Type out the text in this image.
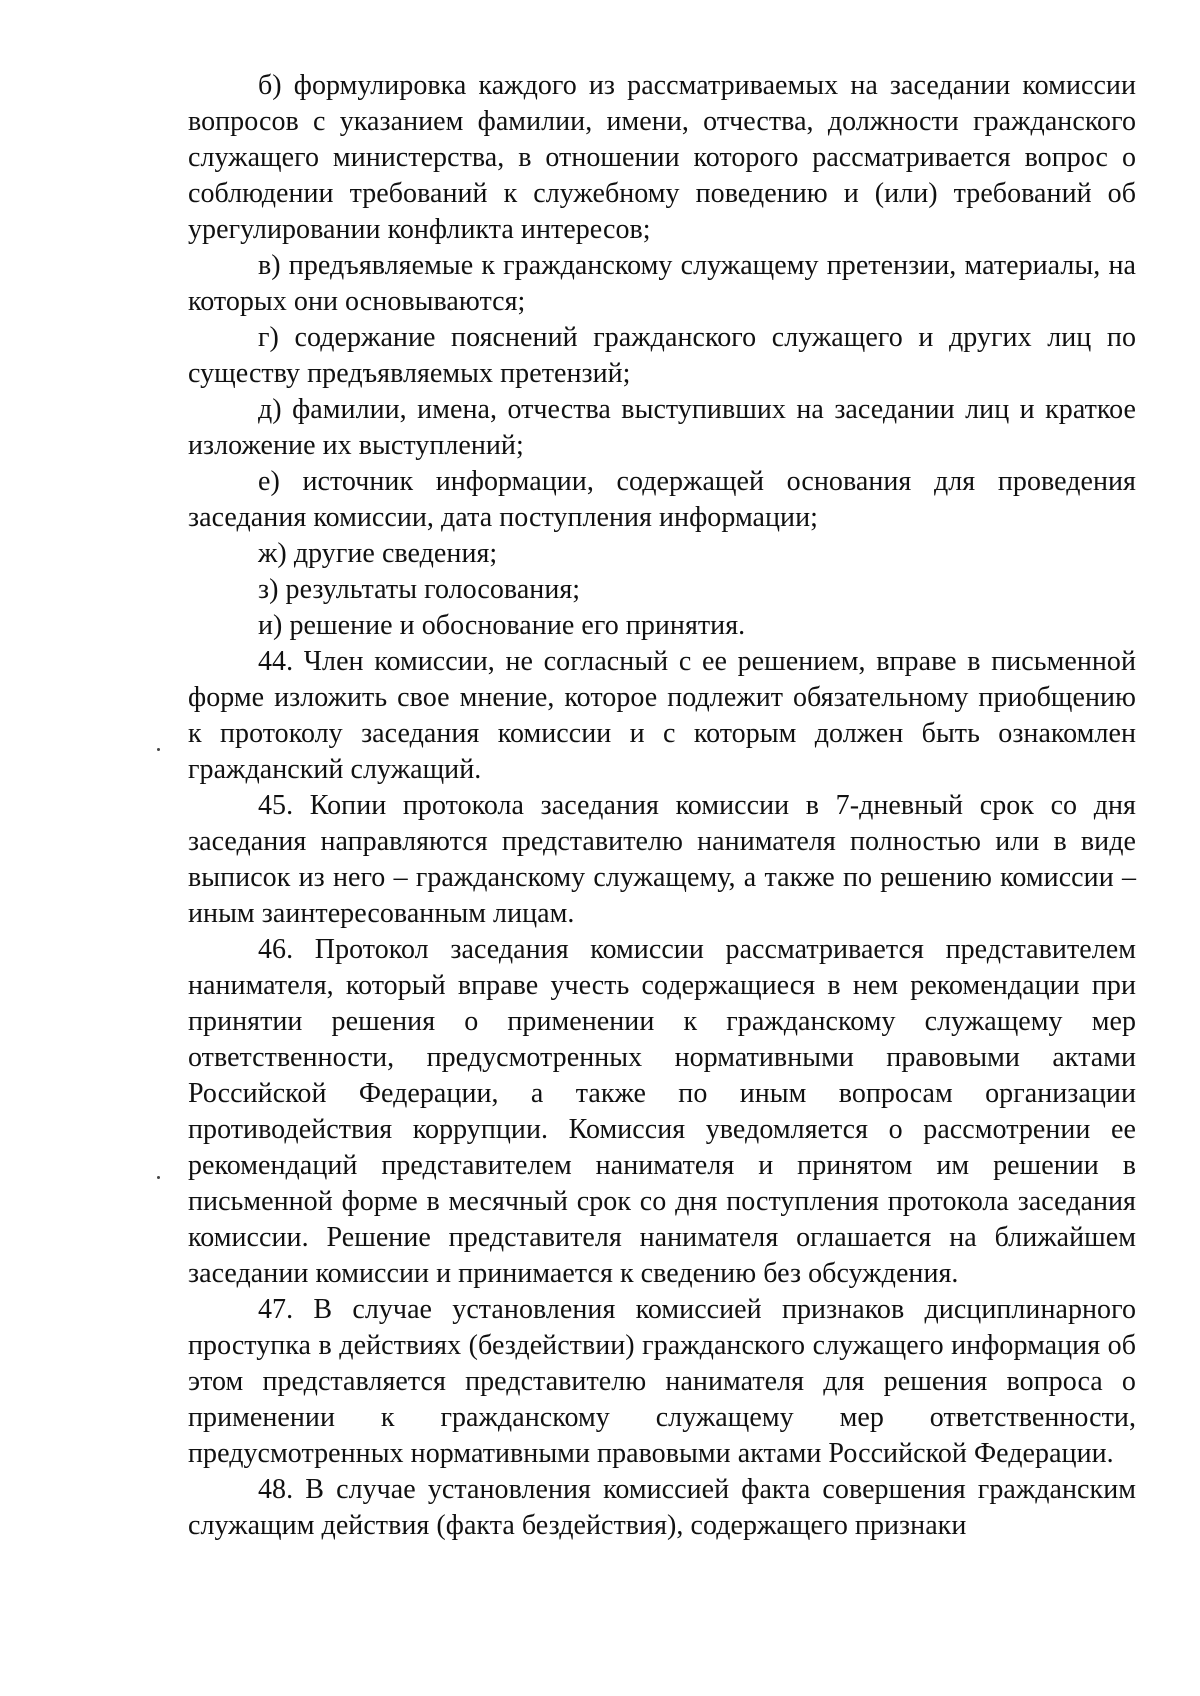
б) формулировка каждого из рассматриваемых на заседании комиссии вопросов с указанием фамилии, имени, отчества, должности гражданского служащего министерства, в отношении которого рассматривается вопрос о соблюдении требований к служебному поведению и (или) требований об урегулировании конфликта интересов;

в) предъявляемые к гражданскому служащему претензии, материалы, на которых они основываются;

г) содержание пояснений гражданского служащего и других лиц по существу предъявляемых претензий;

д) фамилии, имена, отчества выступивших на заседании лиц и краткое изложение их выступлений;

е) источник информации, содержащей основания для проведения заседания комиссии, дата поступления информации;

ж) другие сведения;

з) результаты голосования;

и) решение и обоснование его принятия.

44. Член комиссии, не согласный с ее решением, вправе в письменной форме изложить свое мнение, которое подлежит обязательному приобщению к протоколу заседания комиссии и с которым должен быть ознакомлен гражданский служащий.

45. Копии протокола заседания комиссии в 7-дневный срок со дня заседания направляются представителю нанимателя полностью или в виде выписок из него – гражданскому служащему, а также по решению комиссии – иным заинтересованным лицам.

46. Протокол заседания комиссии рассматривается представителем нанимателя, который вправе учесть содержащиеся в нем рекомендации при принятии решения о применении к гражданскому служащему мер ответственности, предусмотренных нормативными правовыми актами Российской Федерации, а также по иным вопросам организации противодействия коррупции. Комиссия уведомляется о рассмотрении ее рекомендаций представителем нанимателя и принятом им решении в письменной форме в месячный срок со дня поступления протокола заседания комиссии. Решение представителя нанимателя оглашается на ближайшем заседании комиссии и принимается к сведению без обсуждения.

47. В случае установления комиссией признаков дисциплинарного проступка в действиях (бездействии) гражданского служащего информация об этом представляется представителю нанимателя для решения вопроса о применении к гражданскому служащему мер ответственности, предусмотренных нормативными правовыми актами Российской Федерации.

48. В случае установления комиссией факта совершения гражданским служащим действия (факта бездействия), содержащего признаки
